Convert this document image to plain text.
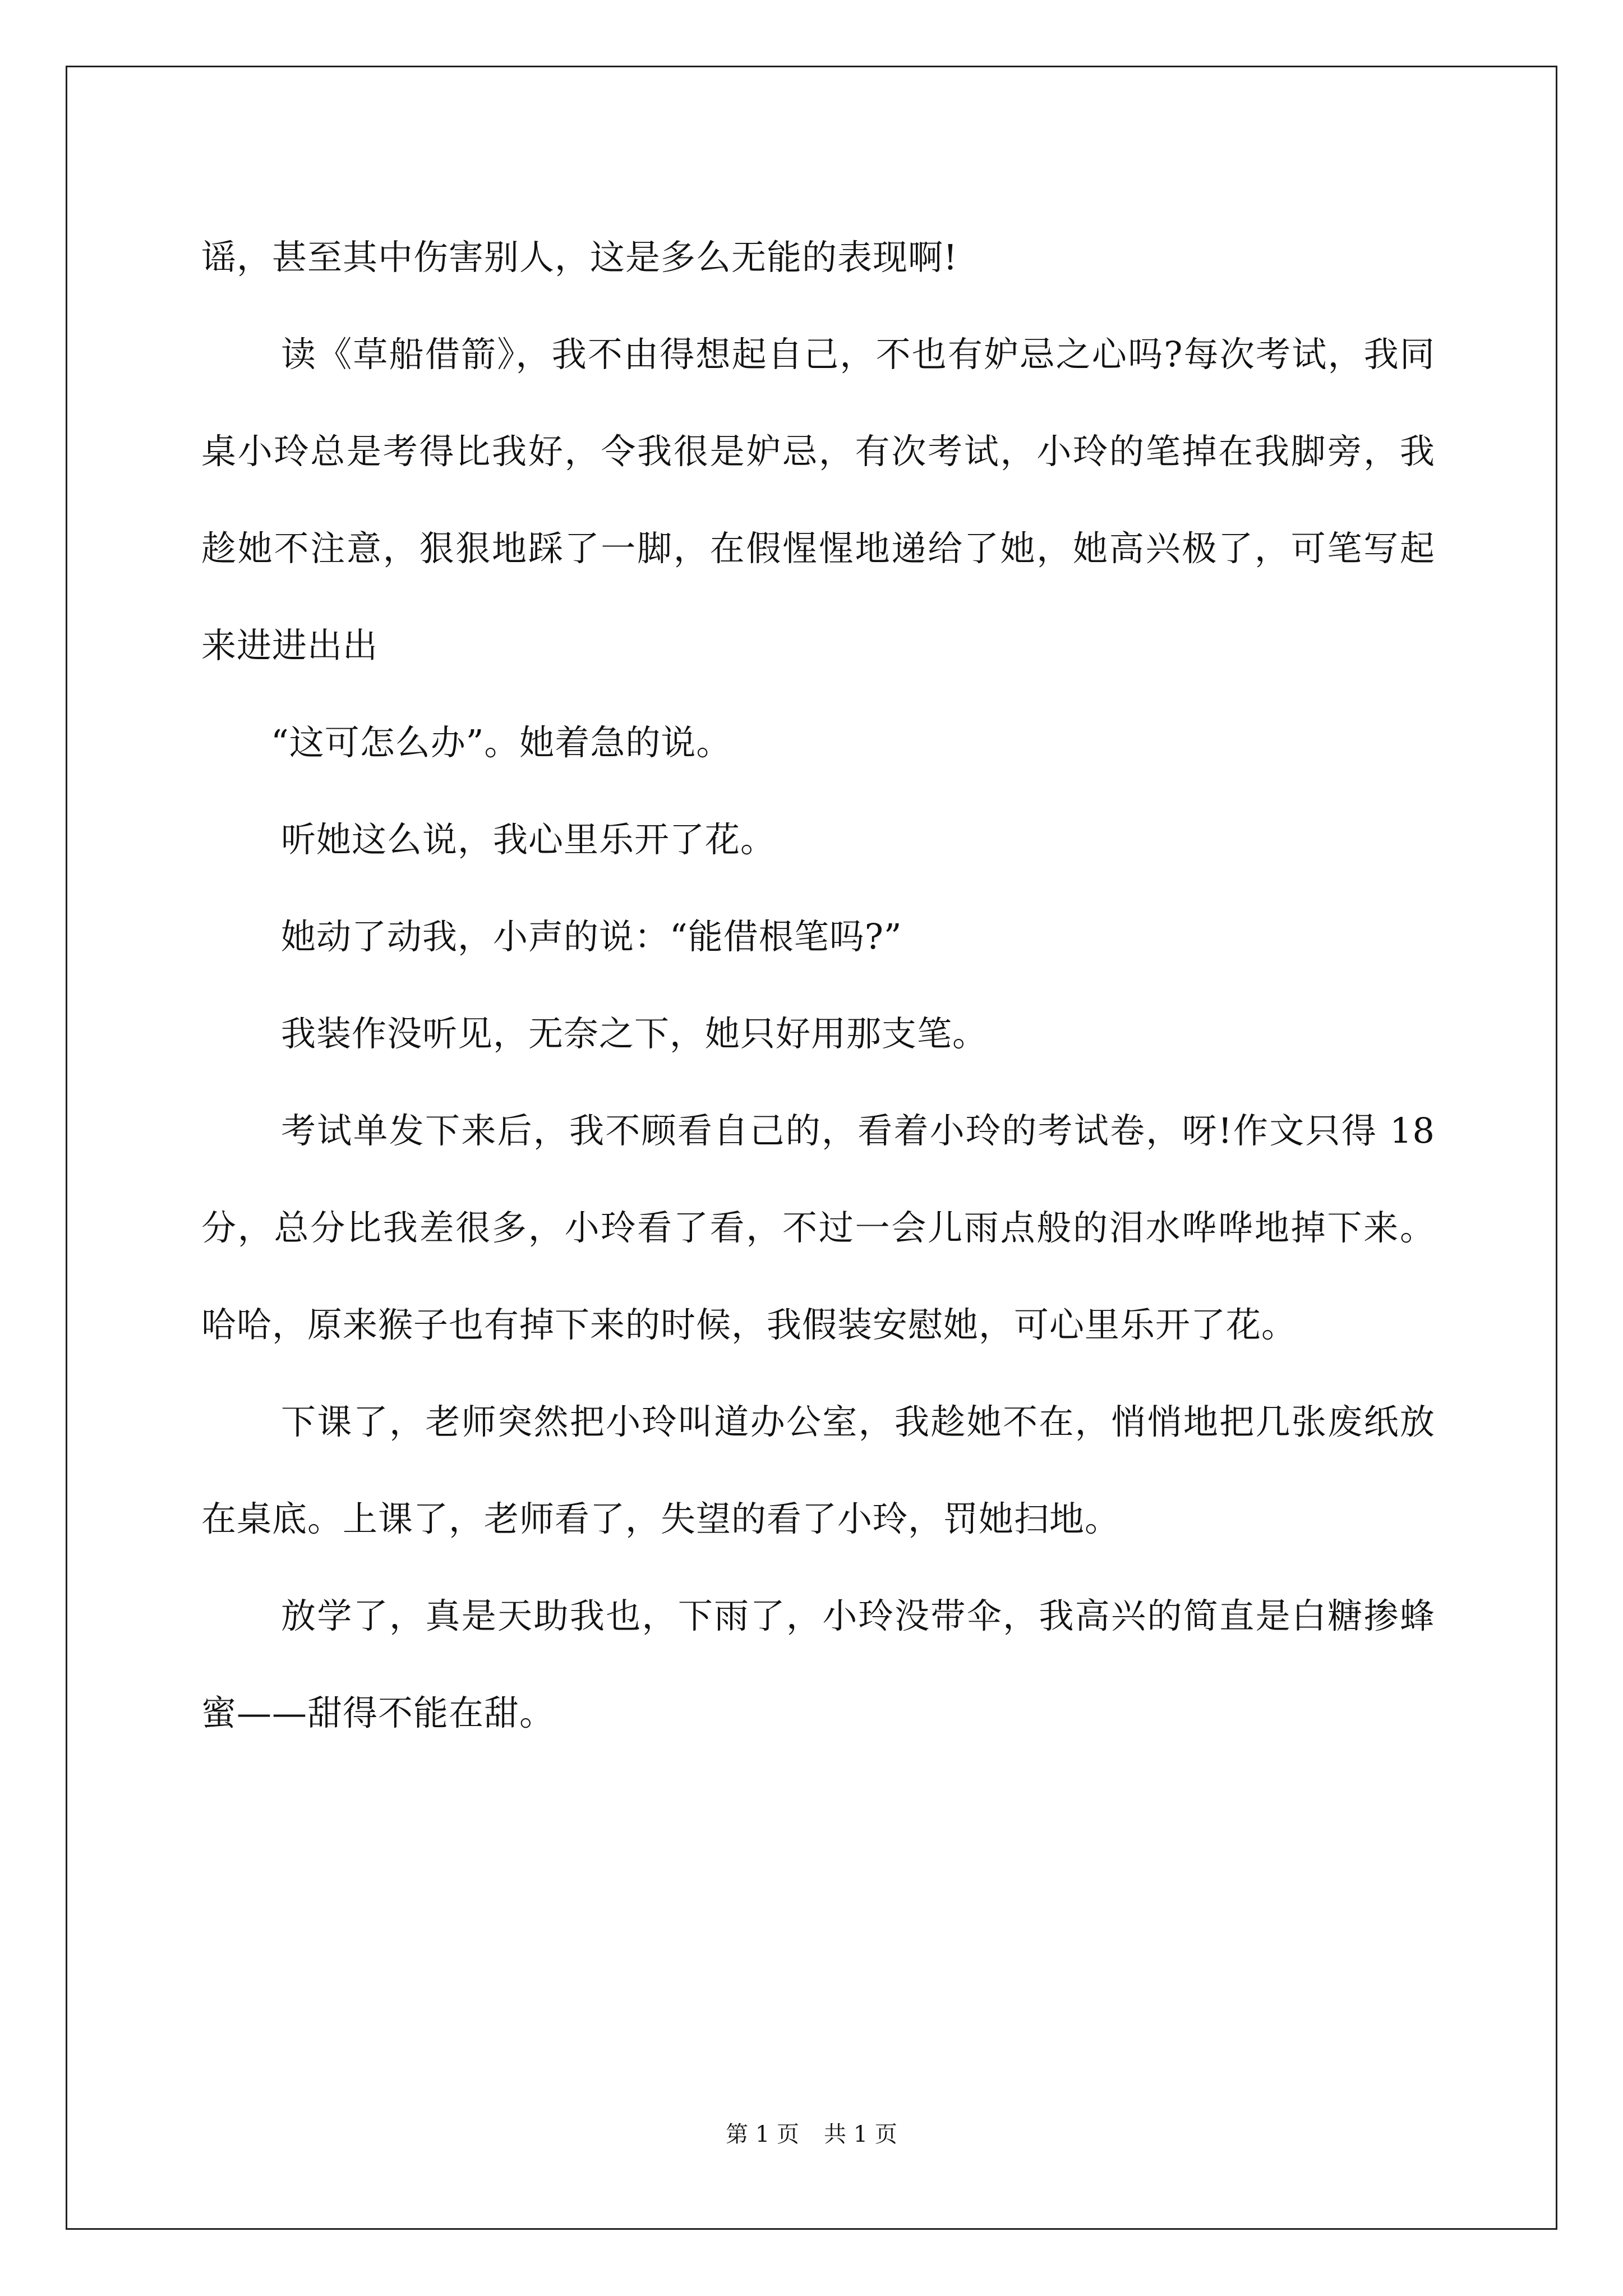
谣，甚至其中伤害别人，这是多么无能的表现啊!

读《草船借箭》，我不由得想起自己，不也有妒忌之心吗?每次考试，我同桌小玲总是考得比我好，令我很是妒忌，有次考试，小玲的笔掉在我脚旁，我趁她不注意，狠狠地踩了一脚，在假惺惺地递给了她，她高兴极了，可笔写起来进进出出

“这可怎么办”。她着急的说。

听她这么说，我心里乐开了花。

她动了动我，小声的说：“能借根笔吗?”

我装作没听见，无奈之下，她只好用那支笔。

考试单发下来后，我不顾看自己的，看着小玲的考试卷，呀!作文只得 18 分，总分比我差很多，小玲看了看，不过一会儿雨点般的泪水哗哗地掉下来。哈哈，原来猴子也有掉下来的时候，我假装安慰她，可心里乐开了花。

下课了，老师突然把小玲叫道办公室，我趁她不在，悄悄地把几张废纸放在桌底。上课了，老师看了，失望的看了小玲，罚她扫地。

放学了，真是天助我也，下雨了，小玲没带伞，我高兴的简直是白糖掺蜂蜜——甜得不能在甜。

第 1 页 共 1 页
